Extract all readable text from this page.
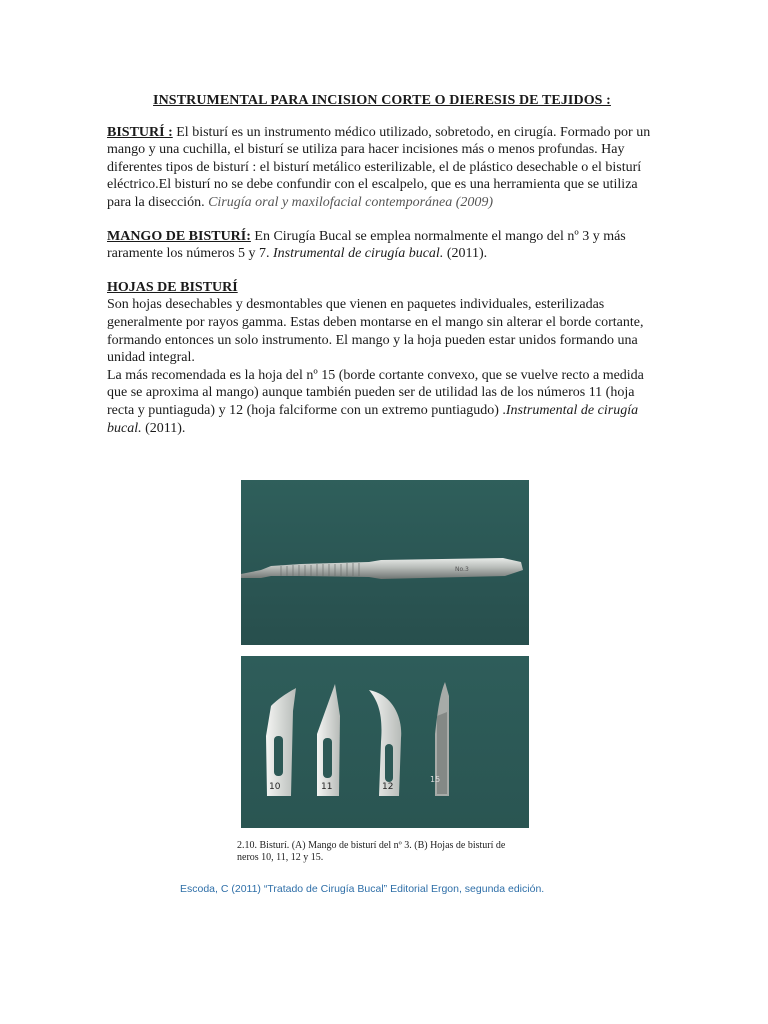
INSTRUMENTAL PARA INCISION CORTE O DIERESIS DE TEJIDOS :

BISTURÍ : El bisturí es un instrumento médico utilizado, sobretodo, en cirugía. Formado por un mango y una cuchilla, el bisturí se utiliza para hacer incisiones más o menos profundas. Hay diferentes tipos de bisturí : el bisturí metálico esterilizable, el de plástico desechable o el bisturí eléctrico.El bisturí no se debe confundir con el escalpelo, que es una herramienta que se utiliza para la disección. Cirugía oral y maxilofacial contemporánea (2009)

MANGO DE BISTURÍ: En Cirugía Bucal se emplea normalmente el mango del nº 3 y más raramente los números 5 y 7. Instrumental de cirugía bucal. (2011).

HOJAS DE BISTURÍ

Son hojas desechables y desmontables que vienen en paquetes individuales, esterilizadas generalmente por rayos gamma. Estas deben montarse en el mango sin alterar el borde cortante, formando entonces un solo instrumento. El mango y la hoja pueden estar unidos formando una unidad integral.

La más recomendada es la hoja del nº 15 (borde cortante convexo, que se vuelve recto a medida que se aproxima al mango) aunque también pueden ser de utilidad las de los números 11 (hoja recta y puntiaguda) y 12 (hoja falciforme con un extremo puntiagudo) .Instrumental de cirugía bucal. (2011).

No.3
10	11	12
15
2.10. Bisturí. (A) Mango de bisturí del nº 3. (B) Hojas de bisturí de
neros 10, 11, 12 y 15.
Escoda, C (2011) “Tratado de Cirugía Bucal” Editorial Ergon, segunda edición.
